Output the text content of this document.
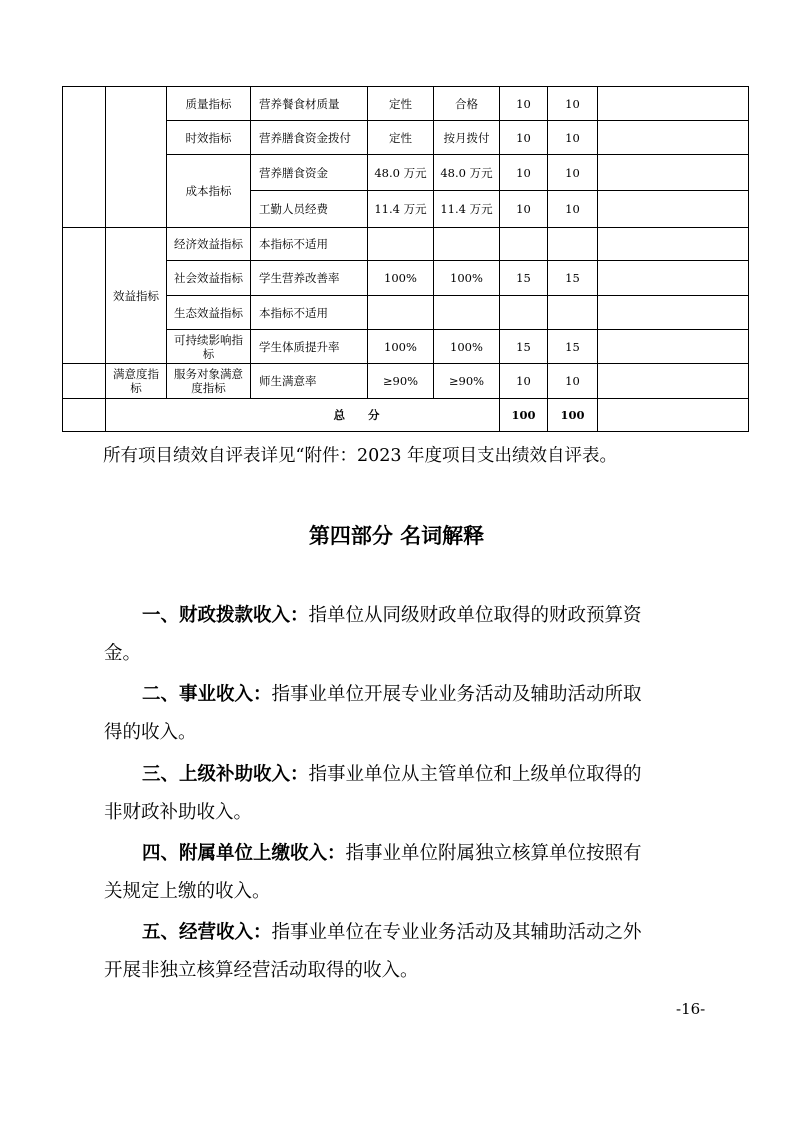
		质量指标	营养餐食材质量	定性	合格	10	10	
		时效指标	营养膳食资金拨付	定性	按月拨付	10	10	
		成本指标	营养膳食资金	48.0 万元	48.0 万元	10	10	
			工勤人员经费	11.4 万元	11.4 万元	10	10	
	效益指标	经济效益指标	本指标不适用					
		社会效益指标	学生营养改善率	100%	100%	15	15	
		生态效益指标	本指标不适用					
		可持续影响指标	学生体质提升率	100%	100%	15	15	
	满意度指标	服务对象满意度指标	师生满意率	≥90%	≥90%	10	10	
	总　　分					100	100	
所有项目绩效自评表详见“附件：2023 年度项目支出绩效自评表。
第四部分 名词解释
一、财政拨款收入：指单位从同级财政单位取得的财政预算资
金。
二、事业收入：指事业单位开展专业业务活动及辅助活动所取
得的收入。
三、上级补助收入：指事业单位从主管单位和上级单位取得的
非财政补助收入。
四、附属单位上缴收入：指事业单位附属独立核算单位按照有
关规定上缴的收入。
五、经营收入：指事业单位在专业业务活动及其辅助活动之外
开展非独立核算经营活动取得的收入。
-16-
